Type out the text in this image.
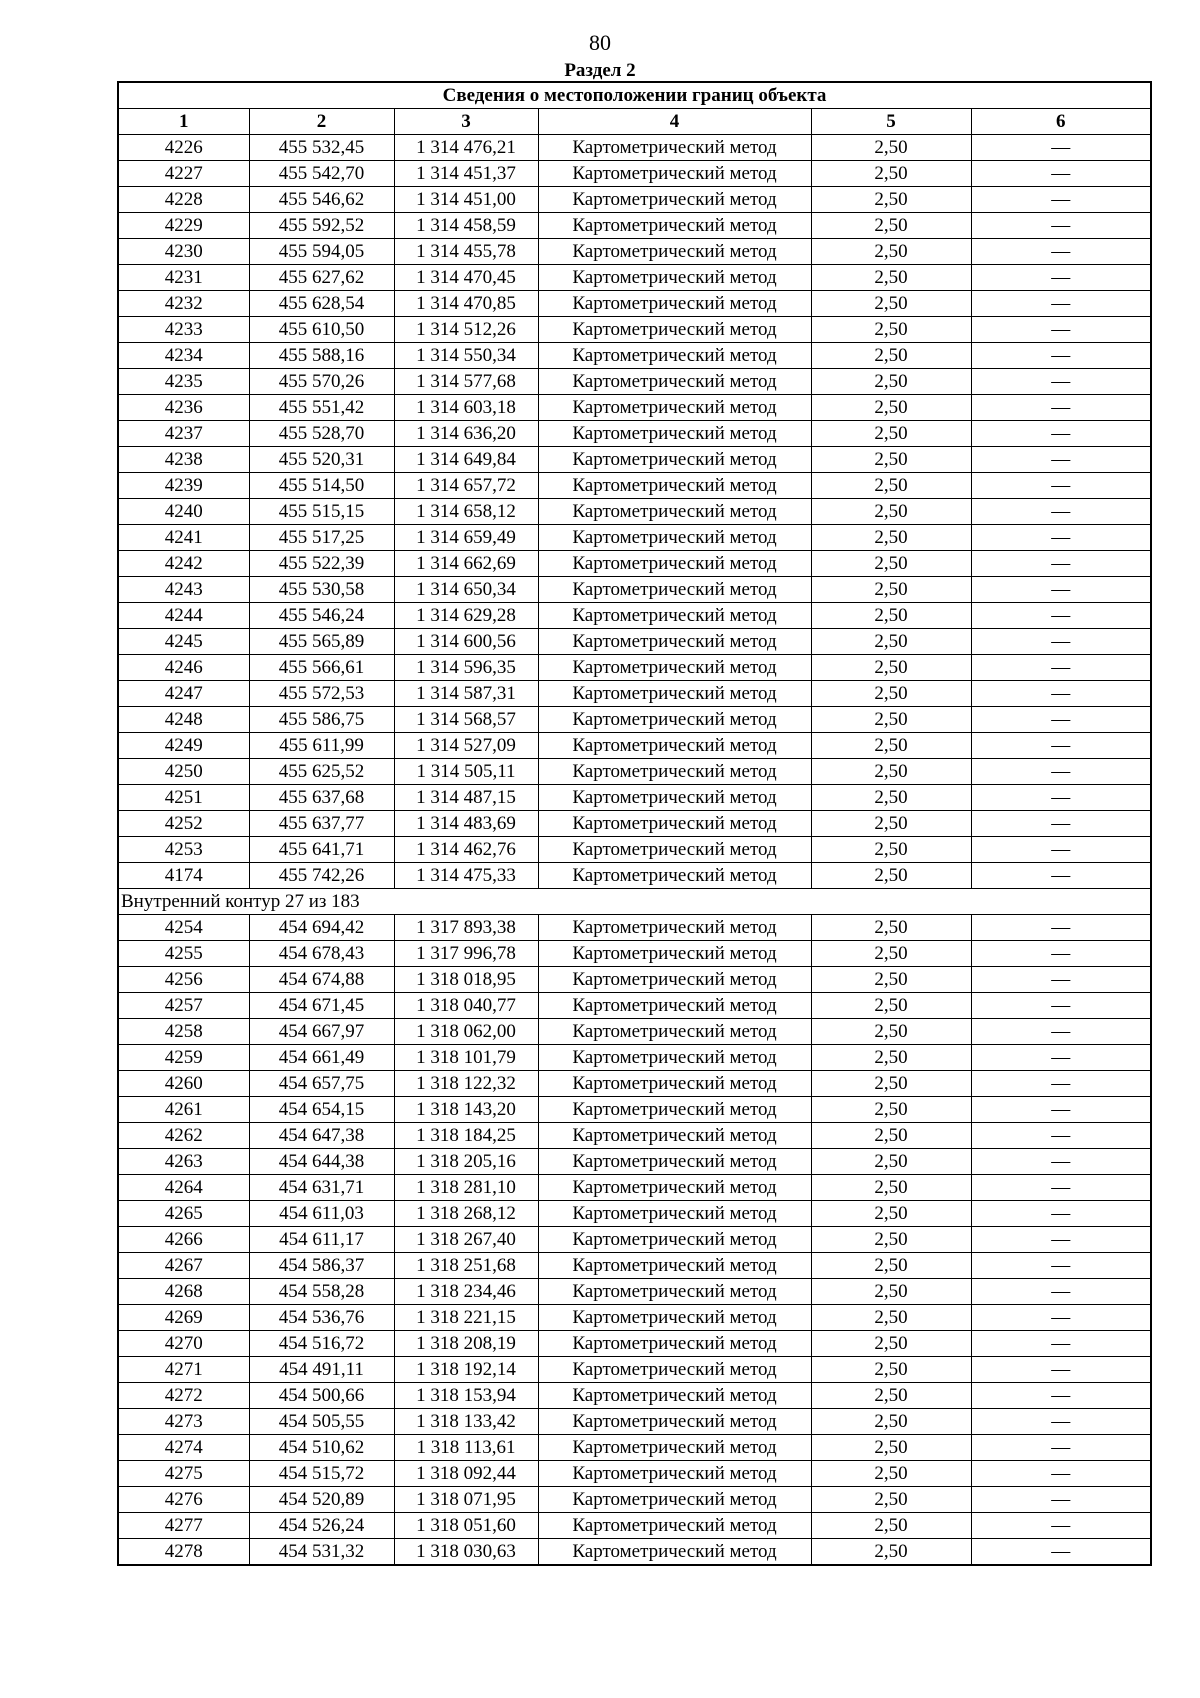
80
Раздел 2
Сведения о местоположении границ объекта					
1	2	3	4	5	6
4226	455 532,45	1 314 476,21	Картометрический метод	2,50	—
4227	455 542,70	1 314 451,37	Картометрический метод	2,50	—
4228	455 546,62	1 314 451,00	Картометрический метод	2,50	—
4229	455 592,52	1 314 458,59	Картометрический метод	2,50	—
4230	455 594,05	1 314 455,78	Картометрический метод	2,50	—
4231	455 627,62	1 314 470,45	Картометрический метод	2,50	—
4232	455 628,54	1 314 470,85	Картометрический метод	2,50	—
4233	455 610,50	1 314 512,26	Картометрический метод	2,50	—
4234	455 588,16	1 314 550,34	Картометрический метод	2,50	—
4235	455 570,26	1 314 577,68	Картометрический метод	2,50	—
4236	455 551,42	1 314 603,18	Картометрический метод	2,50	—
4237	455 528,70	1 314 636,20	Картометрический метод	2,50	—
4238	455 520,31	1 314 649,84	Картометрический метод	2,50	—
4239	455 514,50	1 314 657,72	Картометрический метод	2,50	—
4240	455 515,15	1 314 658,12	Картометрический метод	2,50	—
4241	455 517,25	1 314 659,49	Картометрический метод	2,50	—
4242	455 522,39	1 314 662,69	Картометрический метод	2,50	—
4243	455 530,58	1 314 650,34	Картометрический метод	2,50	—
4244	455 546,24	1 314 629,28	Картометрический метод	2,50	—
4245	455 565,89	1 314 600,56	Картометрический метод	2,50	—
4246	455 566,61	1 314 596,35	Картометрический метод	2,50	—
4247	455 572,53	1 314 587,31	Картометрический метод	2,50	—
4248	455 586,75	1 314 568,57	Картометрический метод	2,50	—
4249	455 611,99	1 314 527,09	Картометрический метод	2,50	—
4250	455 625,52	1 314 505,11	Картометрический метод	2,50	—
4251	455 637,68	1 314 487,15	Картометрический метод	2,50	—
4252	455 637,77	1 314 483,69	Картометрический метод	2,50	—
4253	455 641,71	1 314 462,76	Картометрический метод	2,50	—
4174	455 742,26	1 314 475,33	Картометрический метод	2,50	—
Внутренний контур 27 из 183					
4254	454 694,42	1 317 893,38	Картометрический метод	2,50	—
4255	454 678,43	1 317 996,78	Картометрический метод	2,50	—
4256	454 674,88	1 318 018,95	Картометрический метод	2,50	—
4257	454 671,45	1 318 040,77	Картометрический метод	2,50	—
4258	454 667,97	1 318 062,00	Картометрический метод	2,50	—
4259	454 661,49	1 318 101,79	Картометрический метод	2,50	—
4260	454 657,75	1 318 122,32	Картометрический метод	2,50	—
4261	454 654,15	1 318 143,20	Картометрический метод	2,50	—
4262	454 647,38	1 318 184,25	Картометрический метод	2,50	—
4263	454 644,38	1 318 205,16	Картометрический метод	2,50	—
4264	454 631,71	1 318 281,10	Картометрический метод	2,50	—
4265	454 611,03	1 318 268,12	Картометрический метод	2,50	—
4266	454 611,17	1 318 267,40	Картометрический метод	2,50	—
4267	454 586,37	1 318 251,68	Картометрический метод	2,50	—
4268	454 558,28	1 318 234,46	Картометрический метод	2,50	—
4269	454 536,76	1 318 221,15	Картометрический метод	2,50	—
4270	454 516,72	1 318 208,19	Картометрический метод	2,50	—
4271	454 491,11	1 318 192,14	Картометрический метод	2,50	—
4272	454 500,66	1 318 153,94	Картометрический метод	2,50	—
4273	454 505,55	1 318 133,42	Картометрический метод	2,50	—
4274	454 510,62	1 318 113,61	Картометрический метод	2,50	—
4275	454 515,72	1 318 092,44	Картометрический метод	2,50	—
4276	454 520,89	1 318 071,95	Картометрический метод	2,50	—
4277	454 526,24	1 318 051,60	Картометрический метод	2,50	—
4278	454 531,32	1 318 030,63	Картометрический метод	2,50	—
